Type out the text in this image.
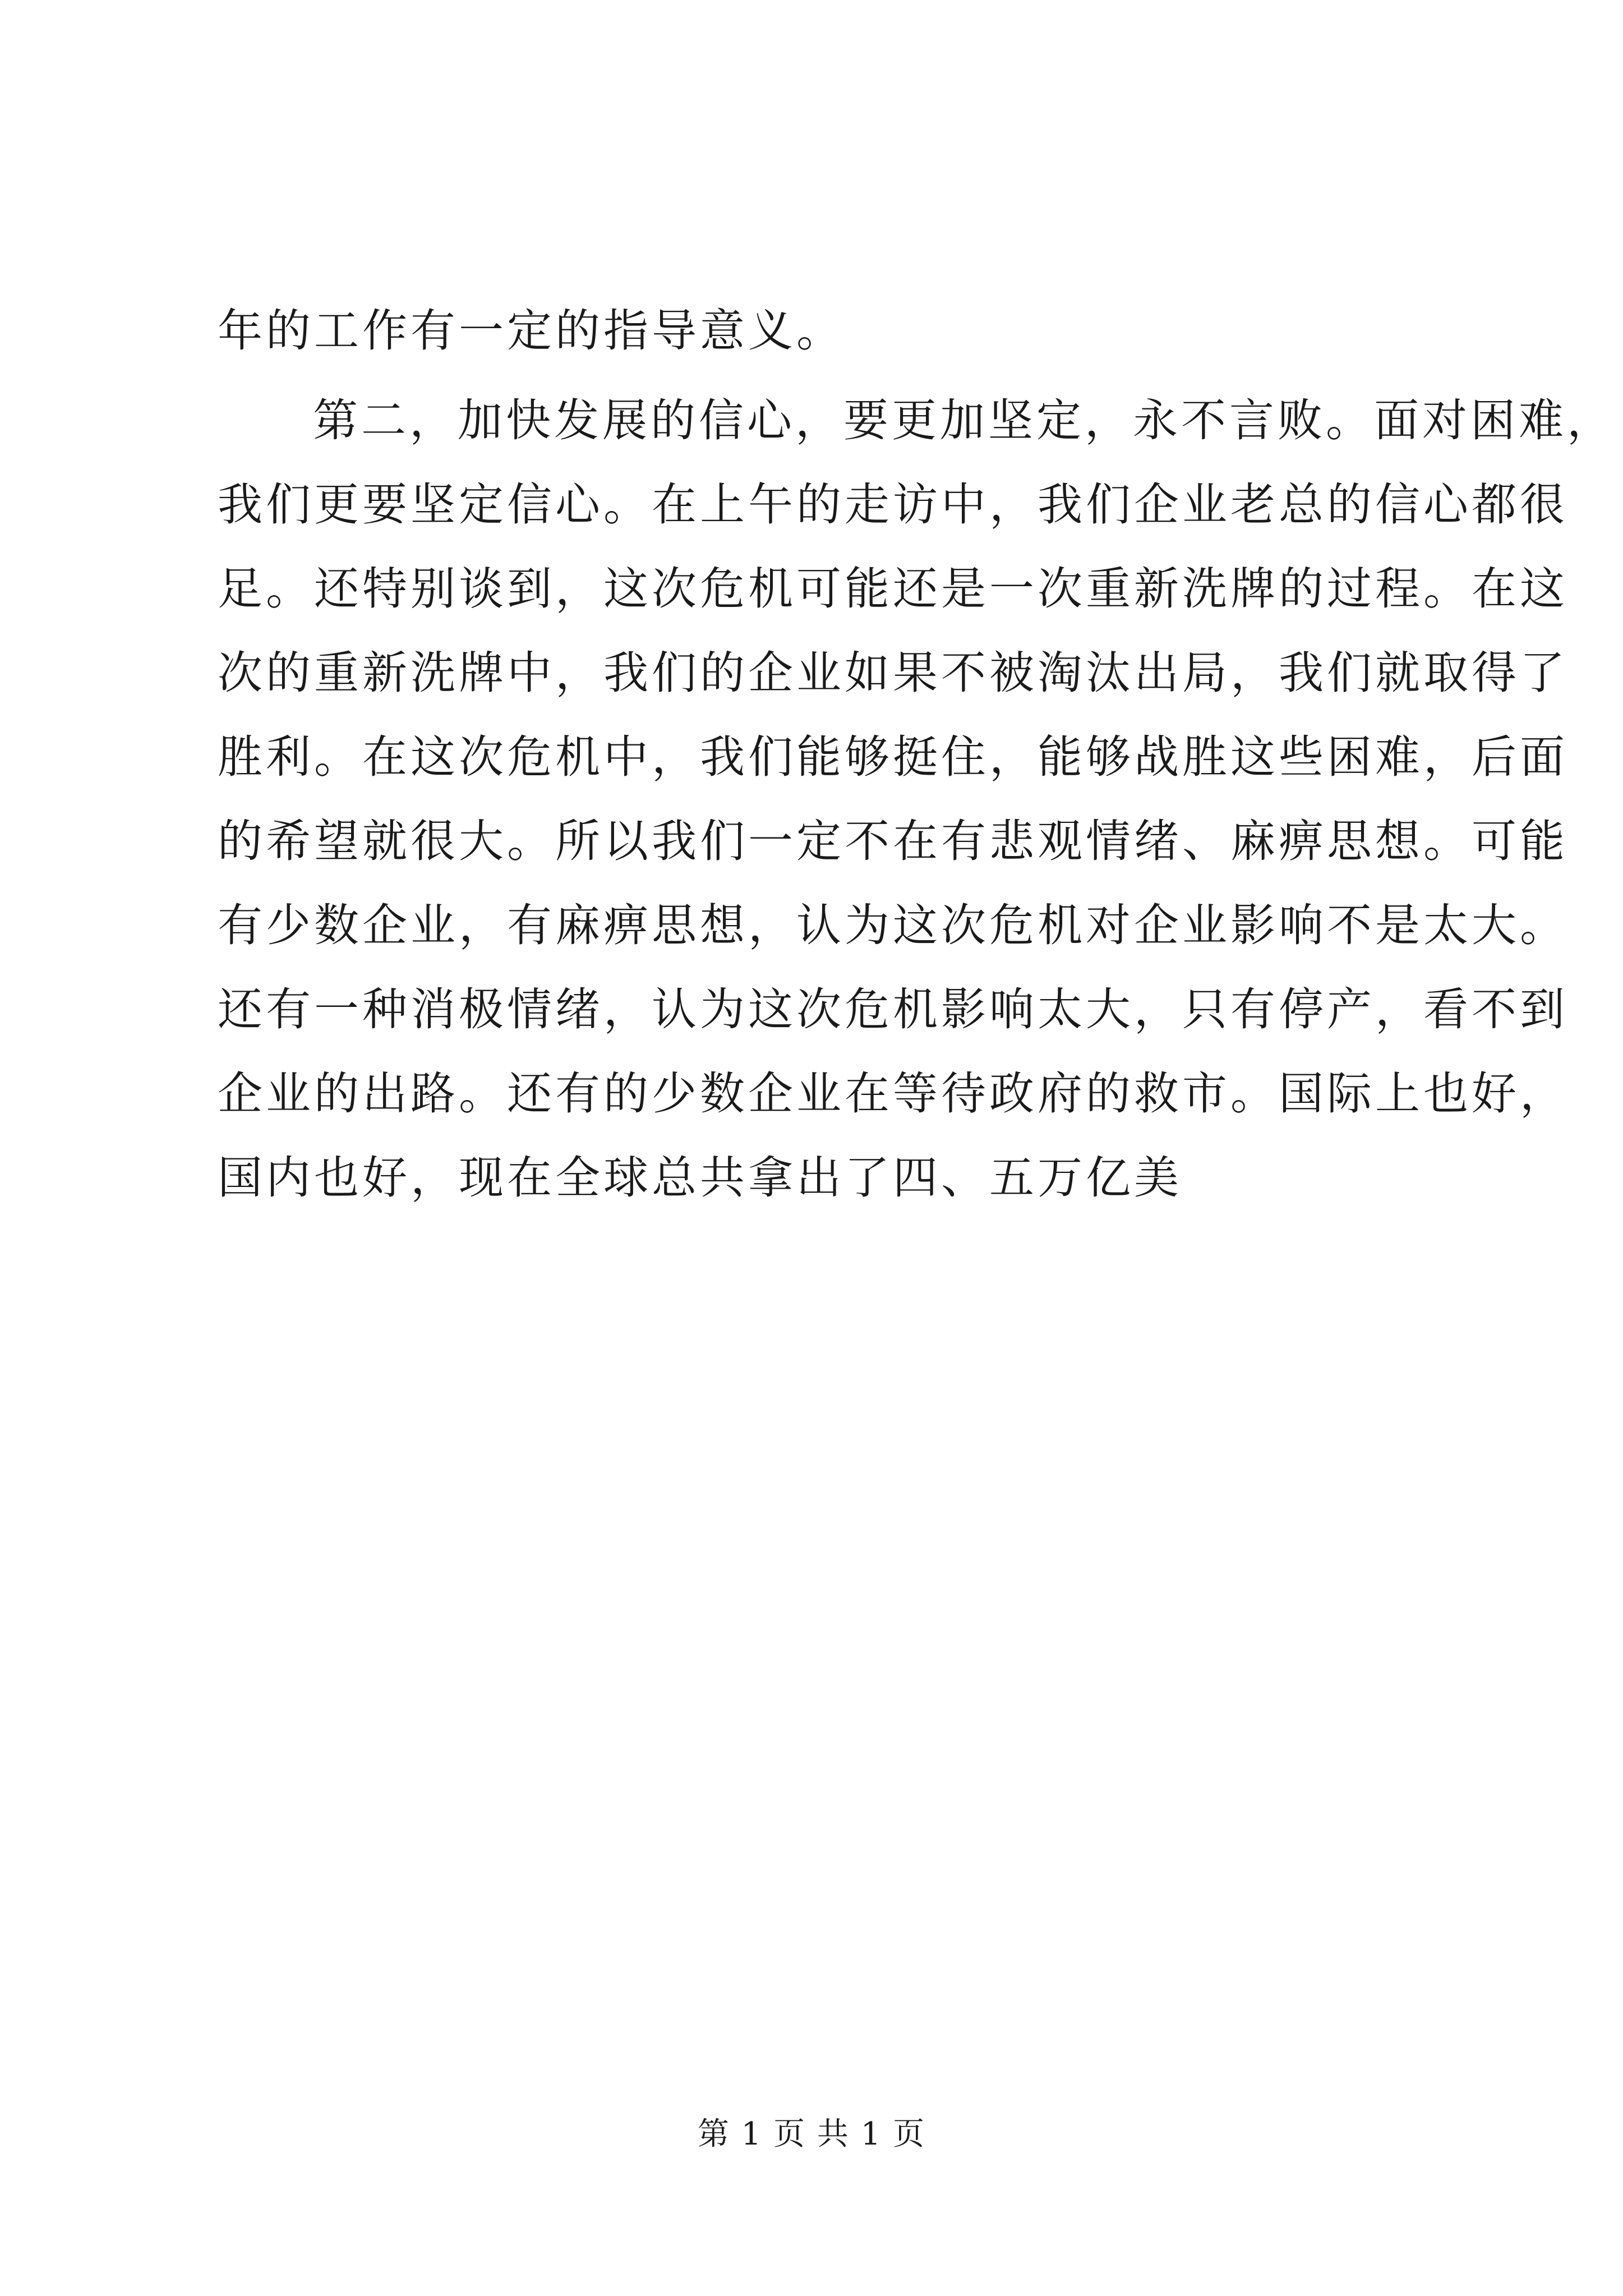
年的工作有一定的指导意义。
第二，加快发展的信心，要更加坚定，永不言败。面对困难，
我们更要坚定信心。在上午的走访中，我们企业老总的信心都很
足。还特别谈到，这次危机可能还是一次重新洗牌的过程。在这
次的重新洗牌中，我们的企业如果不被淘汰出局，我们就取得了
胜利。在这次危机中，我们能够挺住，能够战胜这些困难，后面
的希望就很大。所以我们一定不在有悲观情绪、麻痹思想。可能
有少数企业，有麻痹思想，认为这次危机对企业影响不是太大。
还有一种消极情绪，认为这次危机影响太大，只有停产，看不到
企业的出路。还有的少数企业在等待政府的救市。国际上也好，
国内也好，现在全球总共拿出了四、五万亿美
第 1 页 共 1 页
